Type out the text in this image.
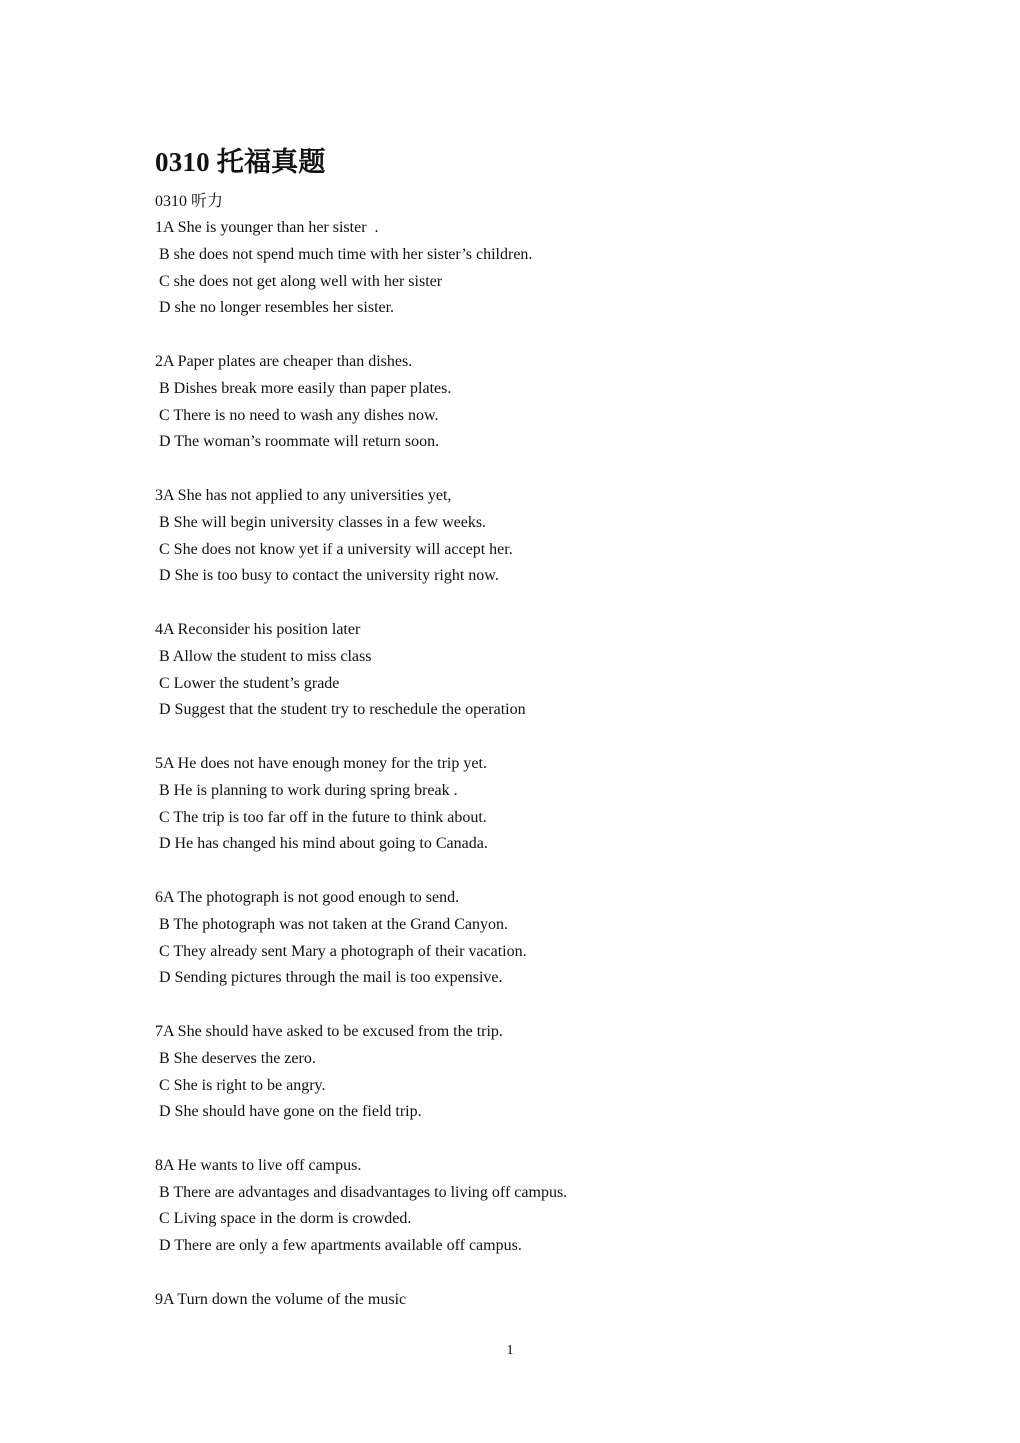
0310 托福真题
0310 听力
1A She is younger than her sister  .
B she does not spend much time with her sister’s children.
C she does not get along well with her sister
D she no longer resembles her sister.
2A Paper plates are cheaper than dishes.
B Dishes break more easily than paper plates.
C There is no need to wash any dishes now.
D The woman’s roommate will return soon.
3A She has not applied to any universities yet,
B She will begin university classes in a few weeks.
C She does not know yet if a university will accept her.
D She is too busy to contact the university right now.
4A Reconsider his position later
B Allow the student to miss class
C Lower the student’s grade
D Suggest that the student try to reschedule the operation
5A He does not have enough money for the trip yet.
B He is planning to work during spring break .
C The trip is too far off in the future to think about.
D He has changed his mind about going to Canada.
6A The photograph is not good enough to send.
B The photograph was not taken at the Grand Canyon.
C They already sent Mary a photograph of their vacation.
D Sending pictures through the mail is too expensive.
7A She should have asked to be excused from the trip.
B She deserves the zero.
C She is right to be angry.
D She should have gone on the field trip.
8A He wants to live off campus.
B There are advantages and disadvantages to living off campus.
C Living space in the dorm is crowded.
D There are only a few apartments available off campus.
9A Turn down the volume of the music
1
